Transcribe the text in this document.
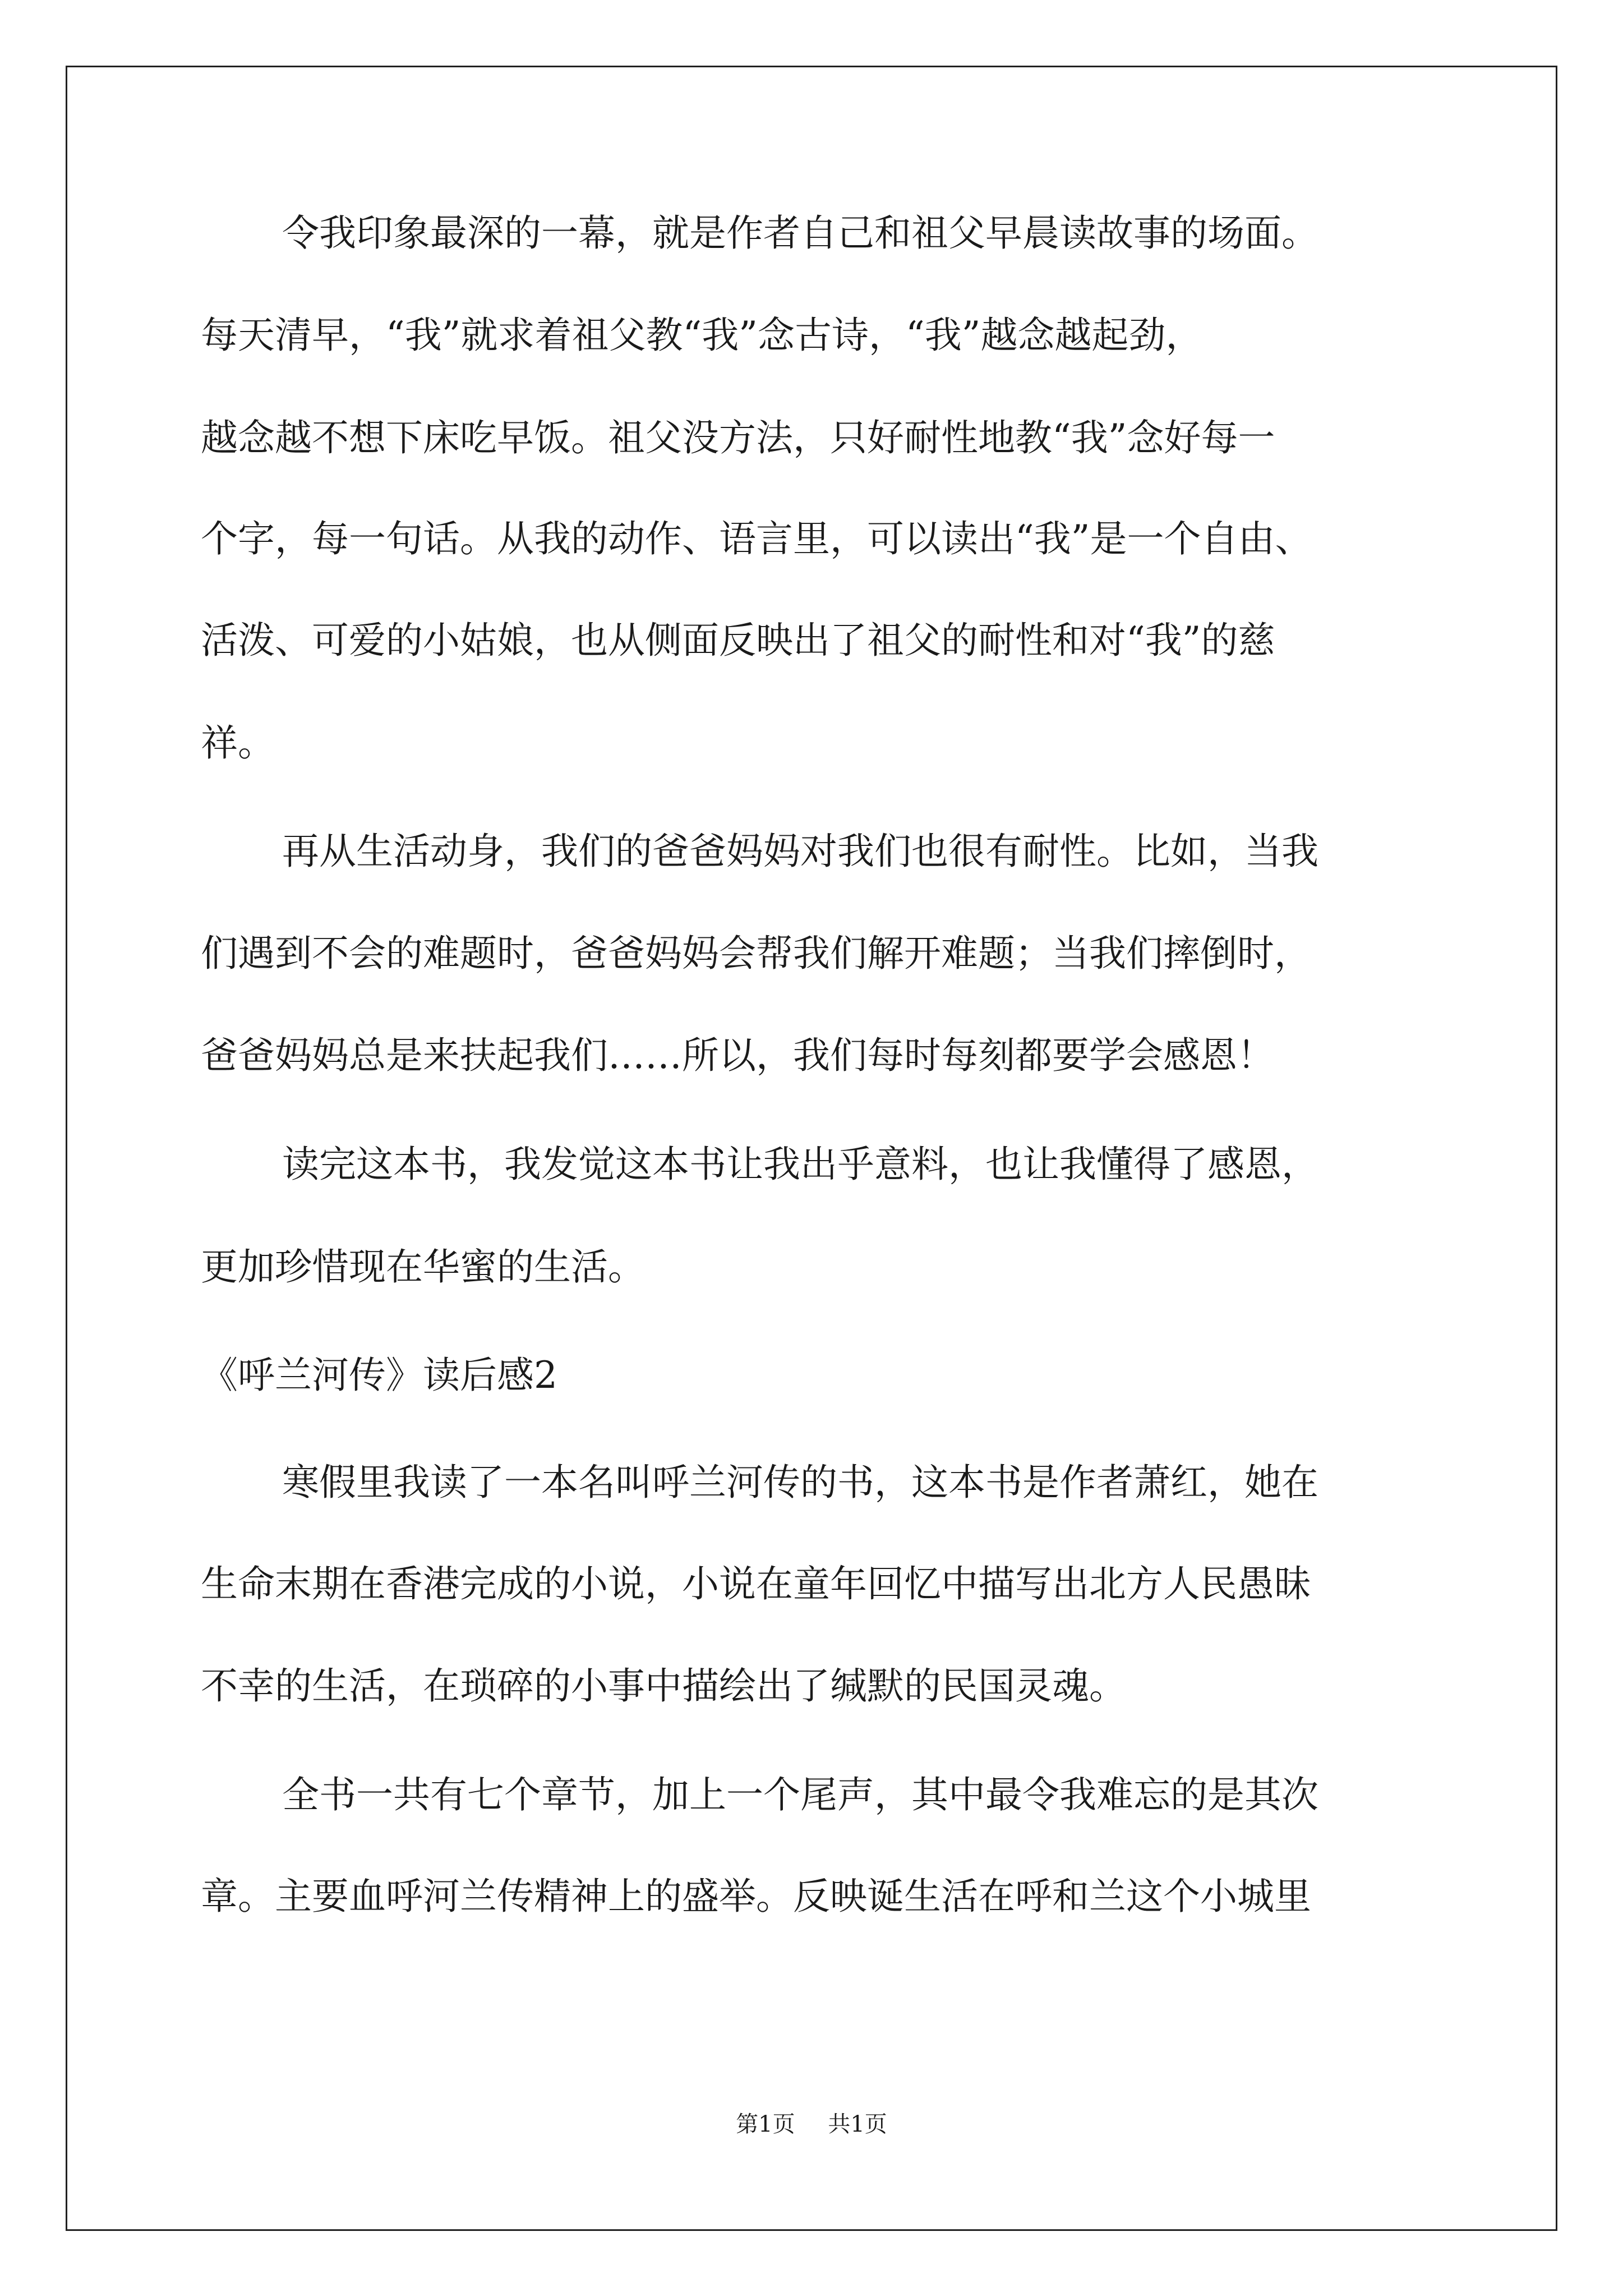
令我印象最深的一幕，就是作者自己和祖父早晨读故事的场面。
每天清早，“我”就求着祖父教“我”念古诗，“我”越念越起劲，
越念越不想下床吃早饭。祖父没方法，只好耐性地教“我”念好每一
个字，每一句话。从我的动作、语言里，可以读出“我”是一个自由、
活泼、可爱的小姑娘，也从侧面反映出了祖父的耐性和对“我”的慈
祥。
再从生活动身，我们的爸爸妈妈对我们也很有耐性。比如，当我
们遇到不会的难题时，爸爸妈妈会帮我们解开难题；当我们摔倒时，
爸爸妈妈总是来扶起我们……所以，我们每时每刻都要学会感恩！
读完这本书，我发觉这本书让我出乎意料，也让我懂得了感恩，
更加珍惜现在华蜜的生活。
《呼兰河传》读后感2
寒假里我读了一本名叫呼兰河传的书，这本书是作者萧红，她在
生命末期在香港完成的小说，小说在童年回忆中描写出北方人民愚昧
不幸的生活，在琐碎的小事中描绘出了缄默的民国灵魂。
全书一共有七个章节，加上一个尾声，其中最令我难忘的是其次
章。主要血呼河兰传精神上的盛举。反映诞生活在呼和兰这个小城里
第1页 共1页
